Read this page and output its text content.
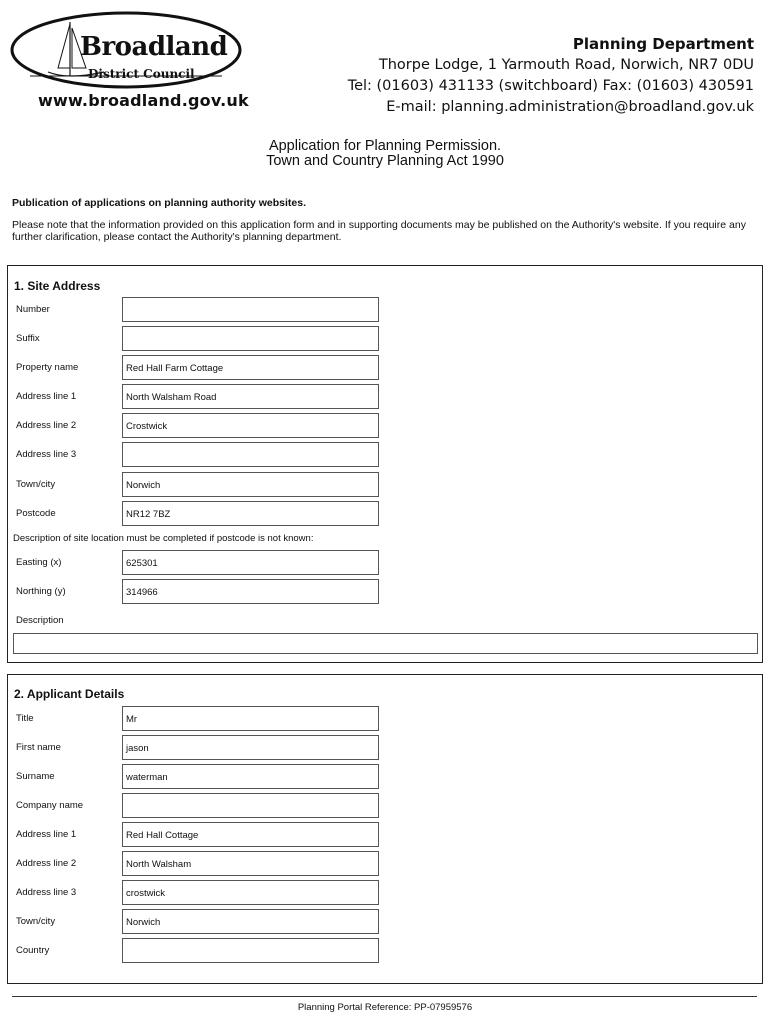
Broadland
District Council
www.broadland.gov.uk
Planning Department
Thorpe Lodge, 1 Yarmouth Road, Norwich, NR7 0DU
Tel: (01603) 431133 (switchboard) Fax: (01603) 430591
E-mail: planning.administration@broadland.gov.uk
Application for Planning Permission.
Town and Country Planning Act 1990
Publication of applications on planning authority websites.
Please note that the information provided on this application form and in supporting documents may be published on the Authority's website. If you require any further clarification, please contact the Authority's planning department.
1. Site Address
Number
Suffix
Property name	Red Hall Farm Cottage
Address line 1	North Walsham Road
Address line 2	Crostwick
Address line 3
Town/city	Norwich
Postcode	NR12 7BZ
Description of site location must be completed if postcode is not known:
Easting (x)	625301
Northing (y)	314966
Description
2. Applicant Details
Title	Mr
First name	jason
Surname	waterman
Company name
Address line 1	Red Hall Cottage
Address line 2	North Walsham
Address line 3	crostwick
Town/city	Norwich
Country
Planning Portal Reference: PP-07959576
